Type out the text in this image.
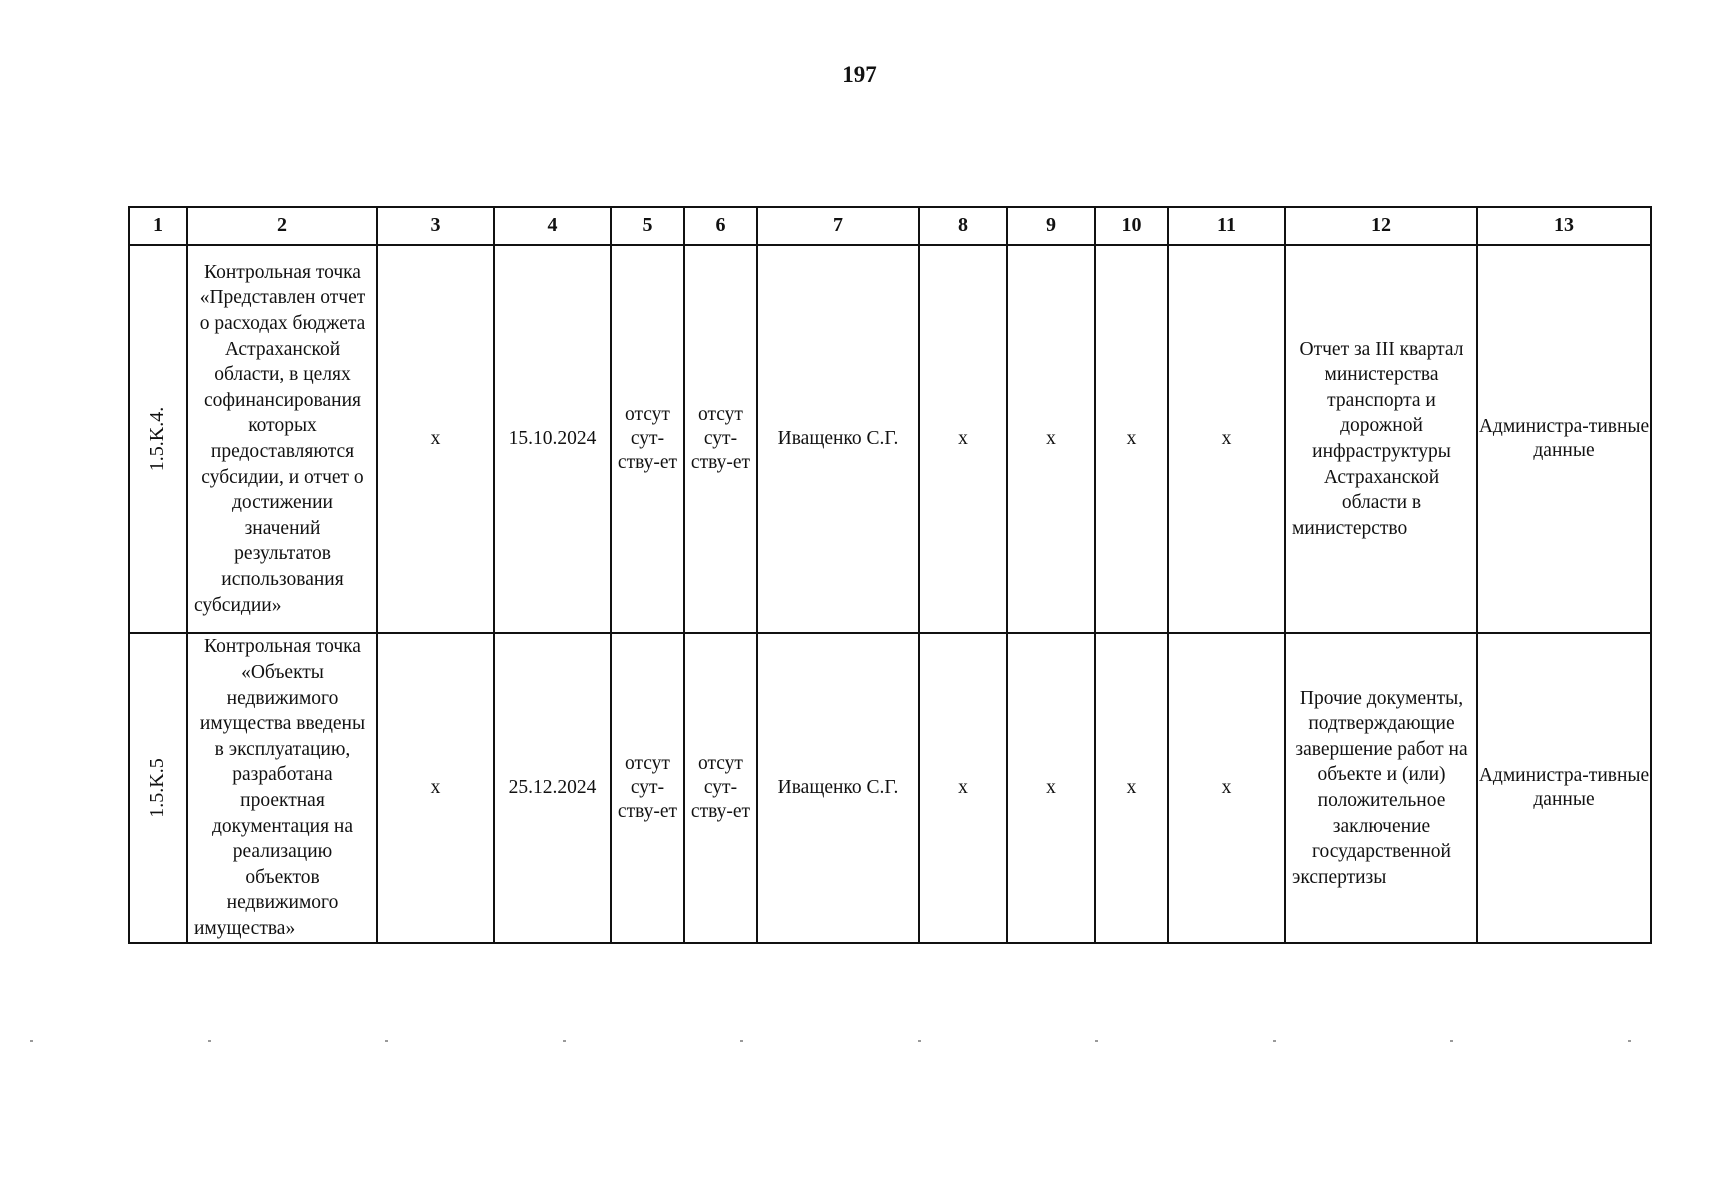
197
1	2	3	4	5	6	7	8	9	10	11	12	13

1.5.K.4.	Контрольная точка «Представлен отчет о расходах бюджета Астраханской области, в целях софинансирования которых предоставляются субсидии, и отчет о достижении значений результатов использования субсидии»	x	15.10.2024	отсут сут-ству-ет	отсут сут-ству-ет	Иващенко С.Г.	x	x	x	x	Отчет за III квартал министерства транспорта и дорожной инфраструктуры Астраханской области в министерство	Администра-тивные данные

1.5.K.5	Контрольная точка «Объекты недвижимого имущества введены в эксплуатацию, разработана проектная документация на реализацию объектов недвижимого имущества»	x	25.12.2024	отсут сут-ству-ет	отсут сут-ству-ет	Иващенко С.Г.	x	x	x	x	Прочие документы, подтверждающие завершение работ на объекте и (или) положительное заключение государственной экспертизы	Администра-тивные данные
